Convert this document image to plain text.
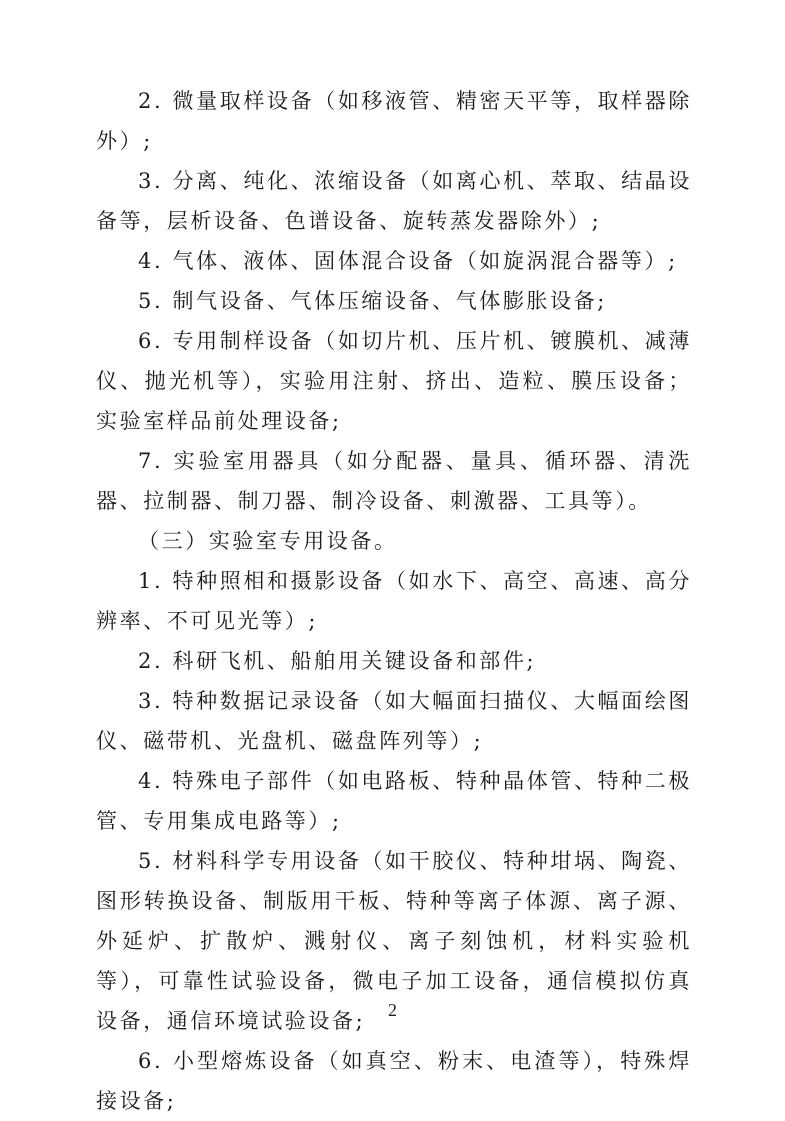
2. 微量取样设备（如移液管、精密天平等，取样器除外）;

3. 分离、纯化、浓缩设备（如离心机、萃取、结晶设备等，层析设备、色谱设备、旋转蒸发器除外）;

4. 气体、液体、固体混合设备（如旋涡混合器等）;

5. 制气设备、气体压缩设备、气体膨胀设备;

6. 专用制样设备（如切片机、压片机、镀膜机、减薄仪、抛光机等），实验用注射、挤出、造粒、膜压设备；实验室样品前处理设备;

7. 实验室用器具（如分配器、量具、循环器、清洗器、拉制器、制刀器、制冷设备、刺激器、工具等）。

（三）实验室专用设备。

1. 特种照相和摄影设备（如水下、高空、高速、高分辨率、不可见光等）;

2. 科研飞机、船舶用关键设备和部件;

3. 特种数据记录设备（如大幅面扫描仪、大幅面绘图仪、磁带机、光盘机、磁盘阵列等）;

4. 特殊电子部件（如电路板、特种晶体管、特种二极管、专用集成电路等）;

5. 材料科学专用设备（如干胶仪、特种坩埚、陶瓷、图形转换设备、制版用干板、特种等离子体源、离子源、外延炉、扩散炉、溅射仪、离子刻蚀机，材料实验机等），可靠性试验设备，微电子加工设备，通信模拟仿真设备，通信环境试验设备;

6. 小型熔炼设备（如真空、粉末、电渣等），特殊焊接设备;

2
